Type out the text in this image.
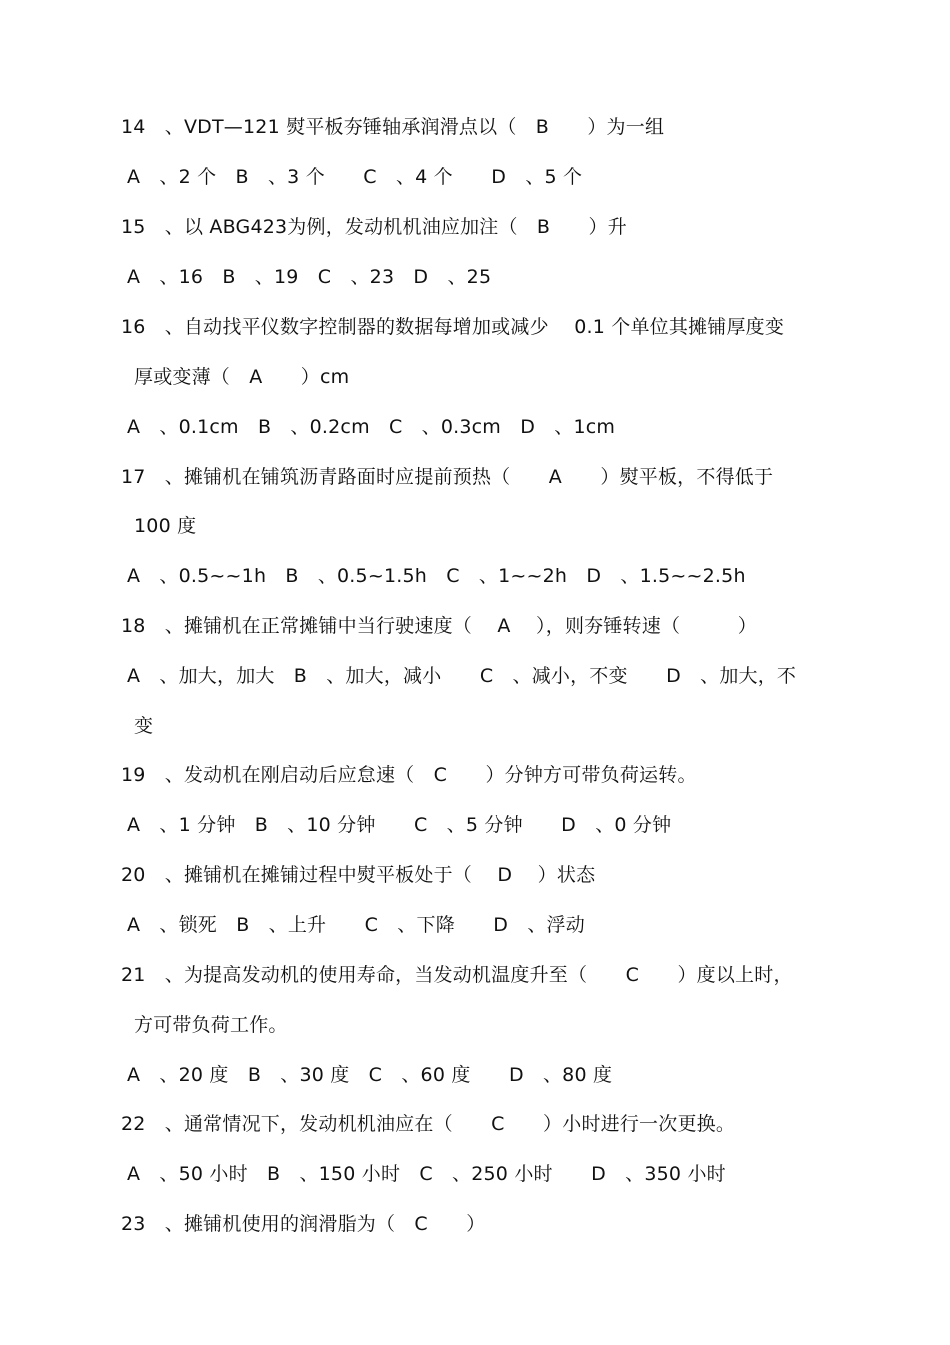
14　、VDT—121 熨平板夯锤轴承润滑点以（　B　　）为一组
A　、2 个　B　、3 个　　C　、4 个　　D　、5 个
15　、以 ABG423为例，发动机机油应加注（　B　　）升
A　、16　B　、19　C　、23　D　、25
16　、自动找平仪数字控制器的数据每增加或减少　 0.1 个单位其摊铺厚度变
厚或变薄（　A　　）cm
A　、0.1cm　B　、0.2cm　C　、0.3cm　D　、1cm
17　、摊铺机在铺筑沥青路面时应提前预热（　　A　　）熨平板，不得低于
100 度
A　、0.5~~1h　B　、0.5~1.5h　C　、1~~2h　D　、1.5~~2.5h
18　、摊铺机在正常摊铺中当行驶速度（　 A　 ），则夯锤转速（　　　）
A　、加大，加大　B　、加大，减小　　C　、减小，不变　　D　、加大，不
变
19　、发动机在刚启动后应怠速（　C　　）分钟方可带负荷运转。
A　、1 分钟　B　、10 分钟　　C　、5 分钟　　D　、0 分钟
20　、摊铺机在摊铺过程中熨平板处于（　 D　 ）状态
A　、锁死　B　、上升　　C　、下降　　D　、浮动
21　、为提高发动机的使用寿命，当发动机温度升至（　　C　　）度以上时，
方可带负荷工作。
A　、20 度　B　、30 度　C　、60 度　　D　、80 度
22　、通常情况下，发动机机油应在（　　C　　）小时进行一次更换。
A　、50 小时　B　、150 小时　C　、250 小时　　D　、350 小时
23　、摊铺机使用的润滑脂为（　C　　）
